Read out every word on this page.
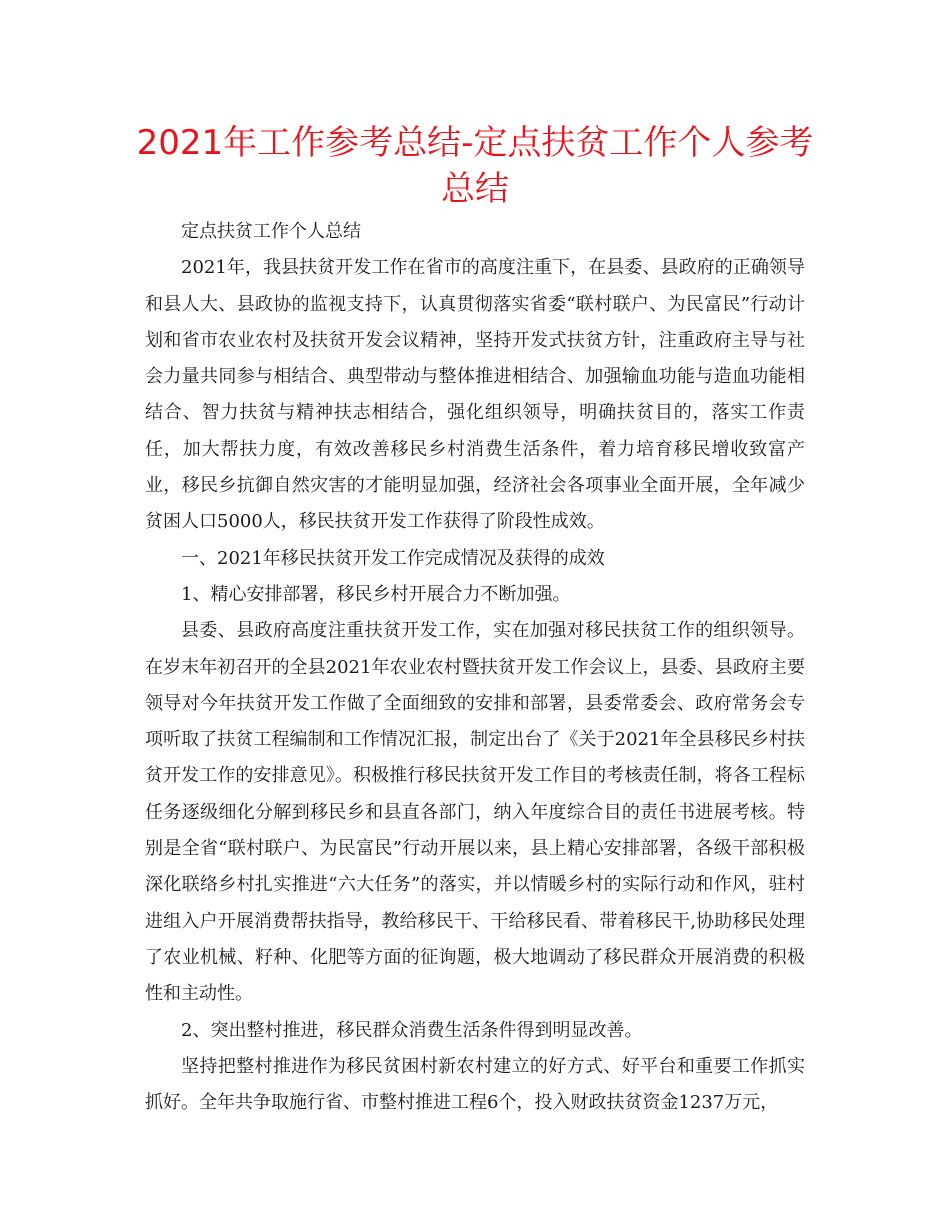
2021年工作参考总结-定点扶贫工作个人参考总结

定点扶贫工作个人总结

2021年，我县扶贫开发工作在省市的高度注重下，在县委、县政府的正确领导和县人大、县政协的监视支持下，认真贯彻落实省委“联村联户、为民富民”行动计划和省市农业农村及扶贫开发会议精神，坚持开发式扶贫方针，注重政府主导与社会力量共同参与相结合、典型带动与整体推进相结合、加强输血功能与造血功能相结合、智力扶贫与精神扶志相结合，强化组织领导，明确扶贫目的，落实工作责任，加大帮扶力度，有效改善移民乡村消费生活条件，着力培育移民增收致富产业，移民乡抗御自然灾害的才能明显加强，经济社会各项事业全面开展，全年减少贫困人口5000人，移民扶贫开发工作获得了阶段性成效。

一、2021年移民扶贫开发工作完成情况及获得的成效

1、精心安排部署，移民乡村开展合力不断加强。

县委、县政府高度注重扶贫开发工作，实在加强对移民扶贫工作的组织领导。在岁末年初召开的全县2021年农业农村暨扶贫开发工作会议上，县委、县政府主要领导对今年扶贫开发工作做了全面细致的安排和部署，县委常委会、政府常务会专项听取了扶贫工程编制和工作情况汇报，制定出台了《关于2021年全县移民乡村扶贫开发工作的安排意见》。积极推行移民扶贫开发工作目的考核责任制，将各工程标任务逐级细化分解到移民乡和县直各部门，纳入年度综合目的责任书进展考核。特别是全省“联村联户、为民富民”行动开展以来，县上精心安排部署，各级干部积极深化联络乡村扎实推进“六大任务”的落实，并以情暖乡村的实际行动和作风，驻村进组入户开展消费帮扶指导，教给移民干、干给移民看、带着移民干,协助移民处理了农业机械、籽种、化肥等方面的征询题，极大地调动了移民群众开展消费的积极性和主动性。

2、突出整村推进，移民群众消费生活条件得到明显改善。

坚持把整村推进作为移民贫困村新农村建立的好方式、好平台和重要工作抓实抓好。全年共争取施行省、市整村推进工程6个，投入财政扶贫资金1237万元，
